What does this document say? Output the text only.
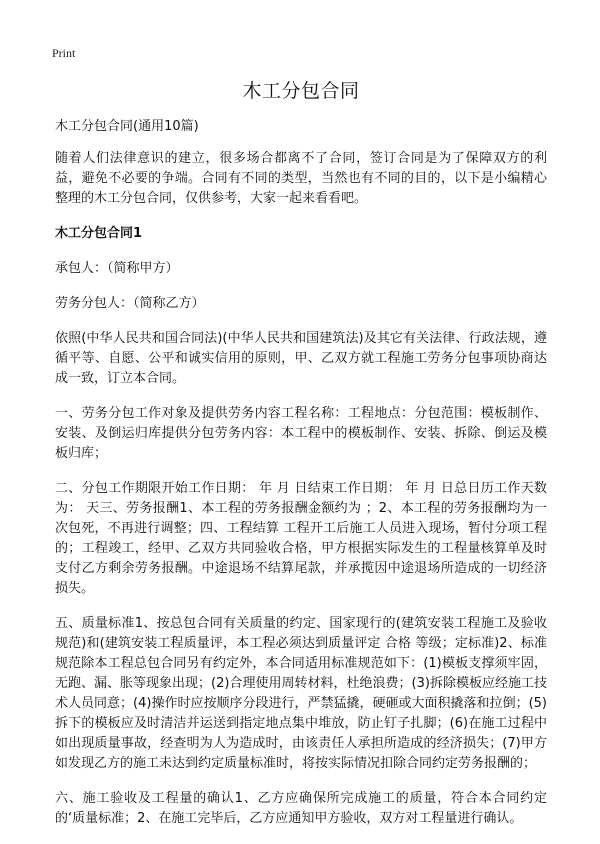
Print
木工分包合同
木工分包合同(通用10篇)

随着人们法律意识的建立，很多场合都离不了合同，签订合同是为了保障双方的利益，避免不必要的争端。合同有不同的类型，当然也有不同的目的，以下是小编精心整理的木工分包合同，仅供参考，大家一起来看看吧。

木工分包合同1

承包人：（简称甲方）

劳务分包人：（简称乙方）

依照(中华人民共和国合同法)(中华人民共和国建筑法)及其它有关法律、行政法规，遵循平等、自愿、公平和诚实信用的原则，甲、乙双方就工程施工劳务分包事项协商达成一致，订立本合同。

一、劳务分包工作对象及提供劳务内容工程名称：工程地点：分包范围：模板制作、安装、及倒运归库提供分包劳务内容：本工程中的模板制作、安装、拆除、倒运及模板归库；

二、分包工作期限开始工作日期： 年 月 日结束工作日期： 年 月 日总日历工作天数为： 天三、劳务报酬1、本工程的劳务报酬金额约为 ；2、本工程的劳务报酬均为一次包死，不再进行调整；四、工程结算 工程开工后施工人员进入现场，暂付分项工程的；工程竣工，经甲、乙双方共同验收合格，甲方根据实际发生的工程量核算单及时支付乙方剩余劳务报酬。中途退场不结算尾款，并承揽因中途退场所造成的一切经济损失。

五、质量标准1、按总包合同有关质量的约定、国家现行的(建筑安装工程施工及验收规范)和(建筑安装工程质量评，本工程必须达到质量评定 合格 等级；定标准)2、标准规范除本工程总包合同另有约定外，本合同适用标准规范如下：(1)模板支撑须牢固，无跑、漏、胀等现象出现；(2)合理使用周转材料，杜绝浪费；(3)拆除模板应经施工技术人员同意；(4)操作时应按顺序分段进行，严禁猛撬，硬砸或大面积撬落和拉倒；(5)拆下的模板应及时清洁并运送到指定地点集中堆放，防止钉子扎脚；(6)在施工过程中如出现质量事故，经查明为人为造成时，由该责任人承担所造成的经济损失；(7)甲方如发现乙方的施工未达到约定质量标准时，将按实际情况扣除合同约定劳务报酬的；

六、施工验收及工程量的确认1、乙方应确保所完成施工的质量，符合本合同约定的‘质量标准；2、在施工完毕后，乙方应通知甲方验收，双方对工程量进行确认。
